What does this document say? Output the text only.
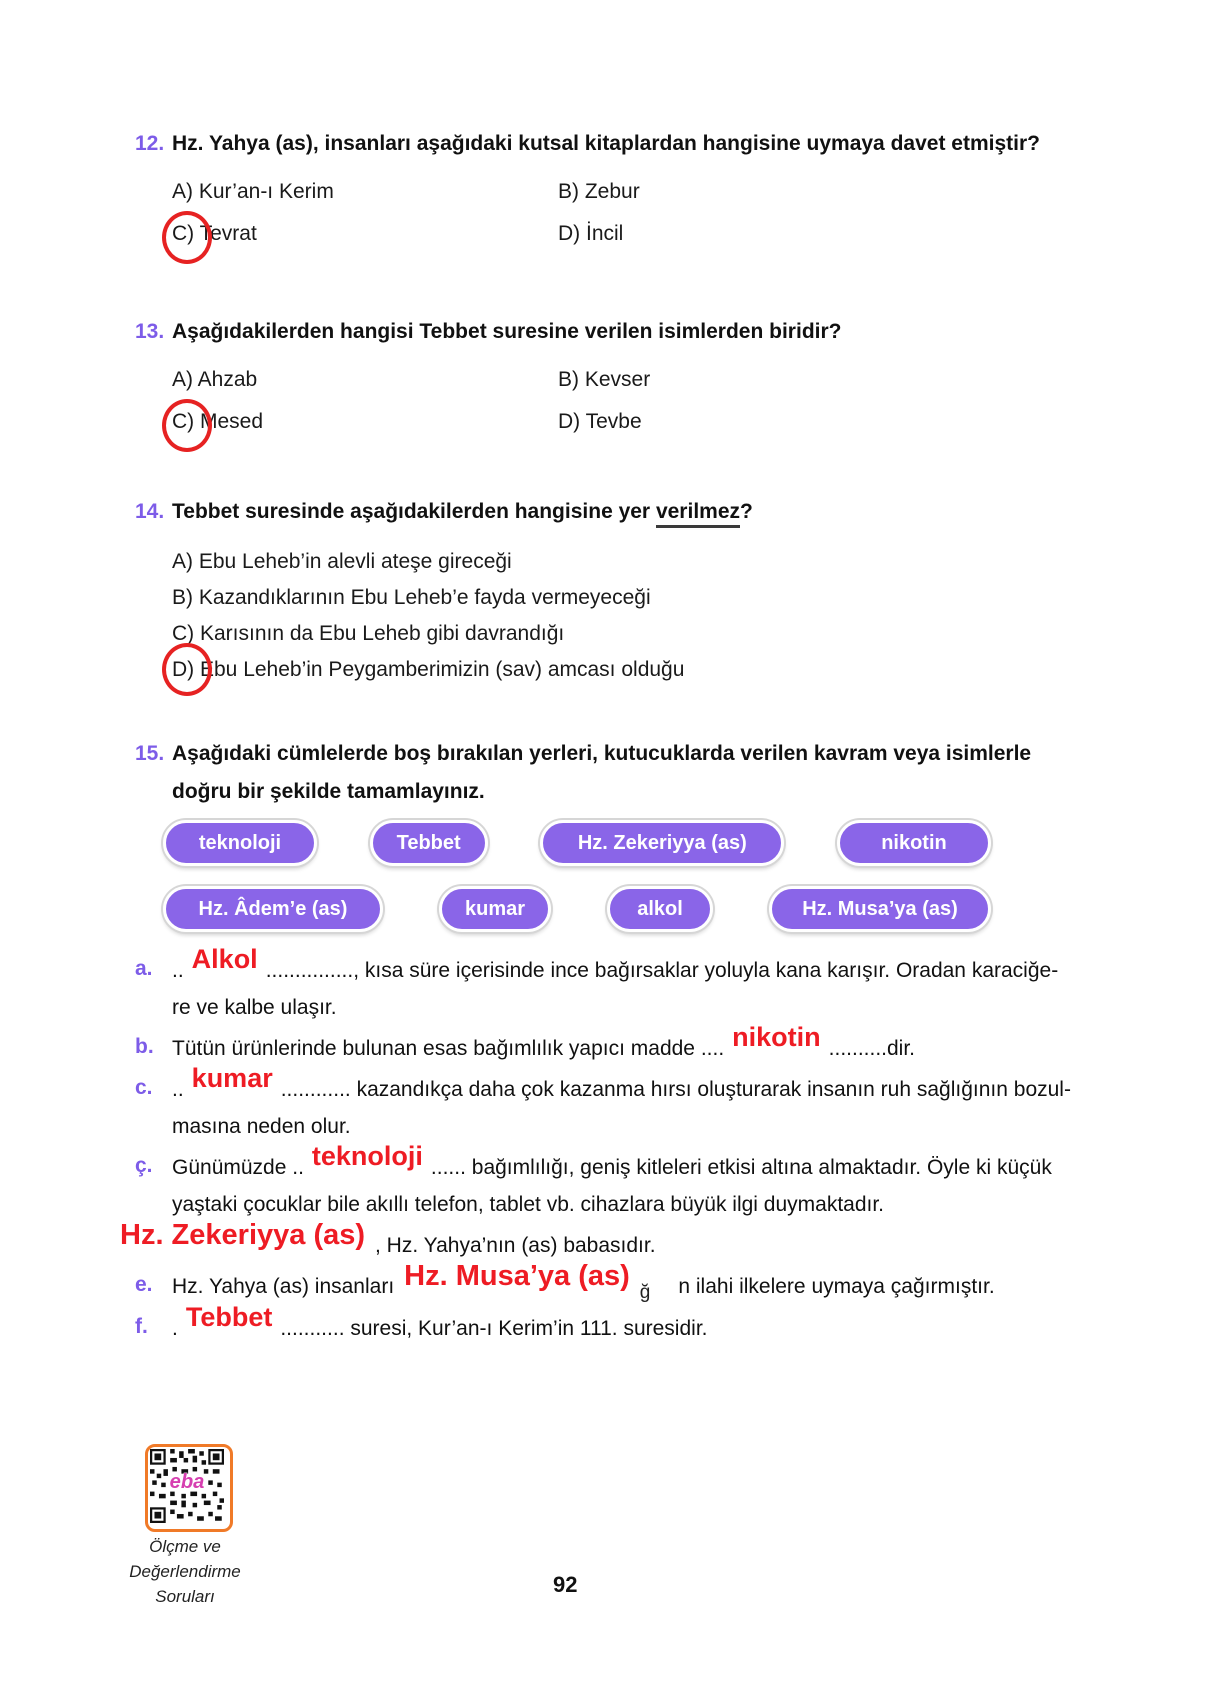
12. Hz. Yahya (as), insanları aşağıdaki kutsal kitaplardan hangisine uymaya davet etmiştir?
A) Kur’an-ı Kerim	B) Zebur
C) Tevrat	D) İncil
13. Aşağıdakilerden hangisi Tebbet suresine verilen isimlerden biridir?
A) Ahzab	B) Kevser
C) Mesed	D) Tevbe
14. Tebbet suresinde aşağıdakilerden hangisine yer verilmez?
A) Ebu Leheb’in alevli ateşe gireceği
B) Kazandıklarının Ebu Leheb’e fayda vermeyeceği
C) Karısının da Ebu Leheb gibi davrandığı
D) Ebu Leheb’in Peygamberimizin (sav) amcası olduğu
15. Aşağıdaki cümlelerde boş bırakılan yerleri, kutucuklarda verilen kavram veya isimlerle
doğru bir şekilde tamamlayınız.
teknoloji	Tebbet	Hz. Zekeriyya (as)	nikotin
Hz. Âdem’e (as)	kumar	alkol	Hz. Musa’ya (as)
a. .. Alkol ..............., kısa süre içerisinde ince bağırsaklar yoluyla kana karışır. Oradan karaciğe-
re ve kalbe ulaşır.
b. Tütün ürünlerinde bulunan esas bağımlılık yapıcı madde .... nikotin ..........dir.
c. .. kumar ............ kazandıkça daha çok kazanma hırsı oluşturarak insanın ruh sağlığının bozul-
masına neden olur.
ç. Günümüzde .. teknoloji ...... bağımlılığı, geniş kitleleri etkisi altına almaktadır. Öyle ki küçük
yaştaki çocuklar bile akıllı telefon, tablet vb. cihazlara büyük ilgi duymaktadır.
Hz. Zekeriyya (as) , Hz. Yahya’nın (as) babasıdır.
e. Hz. Yahya (as) insanları Hz. Musa’ya (as)ğ n ilahi ilkelere uymaya çağırmıştır.
f.	. Tebbet ........... suresi, Kur’an-ı Kerim’in 111. suresidir.
eba
Ölçme ve
Değerlendirme
Soruları	92
